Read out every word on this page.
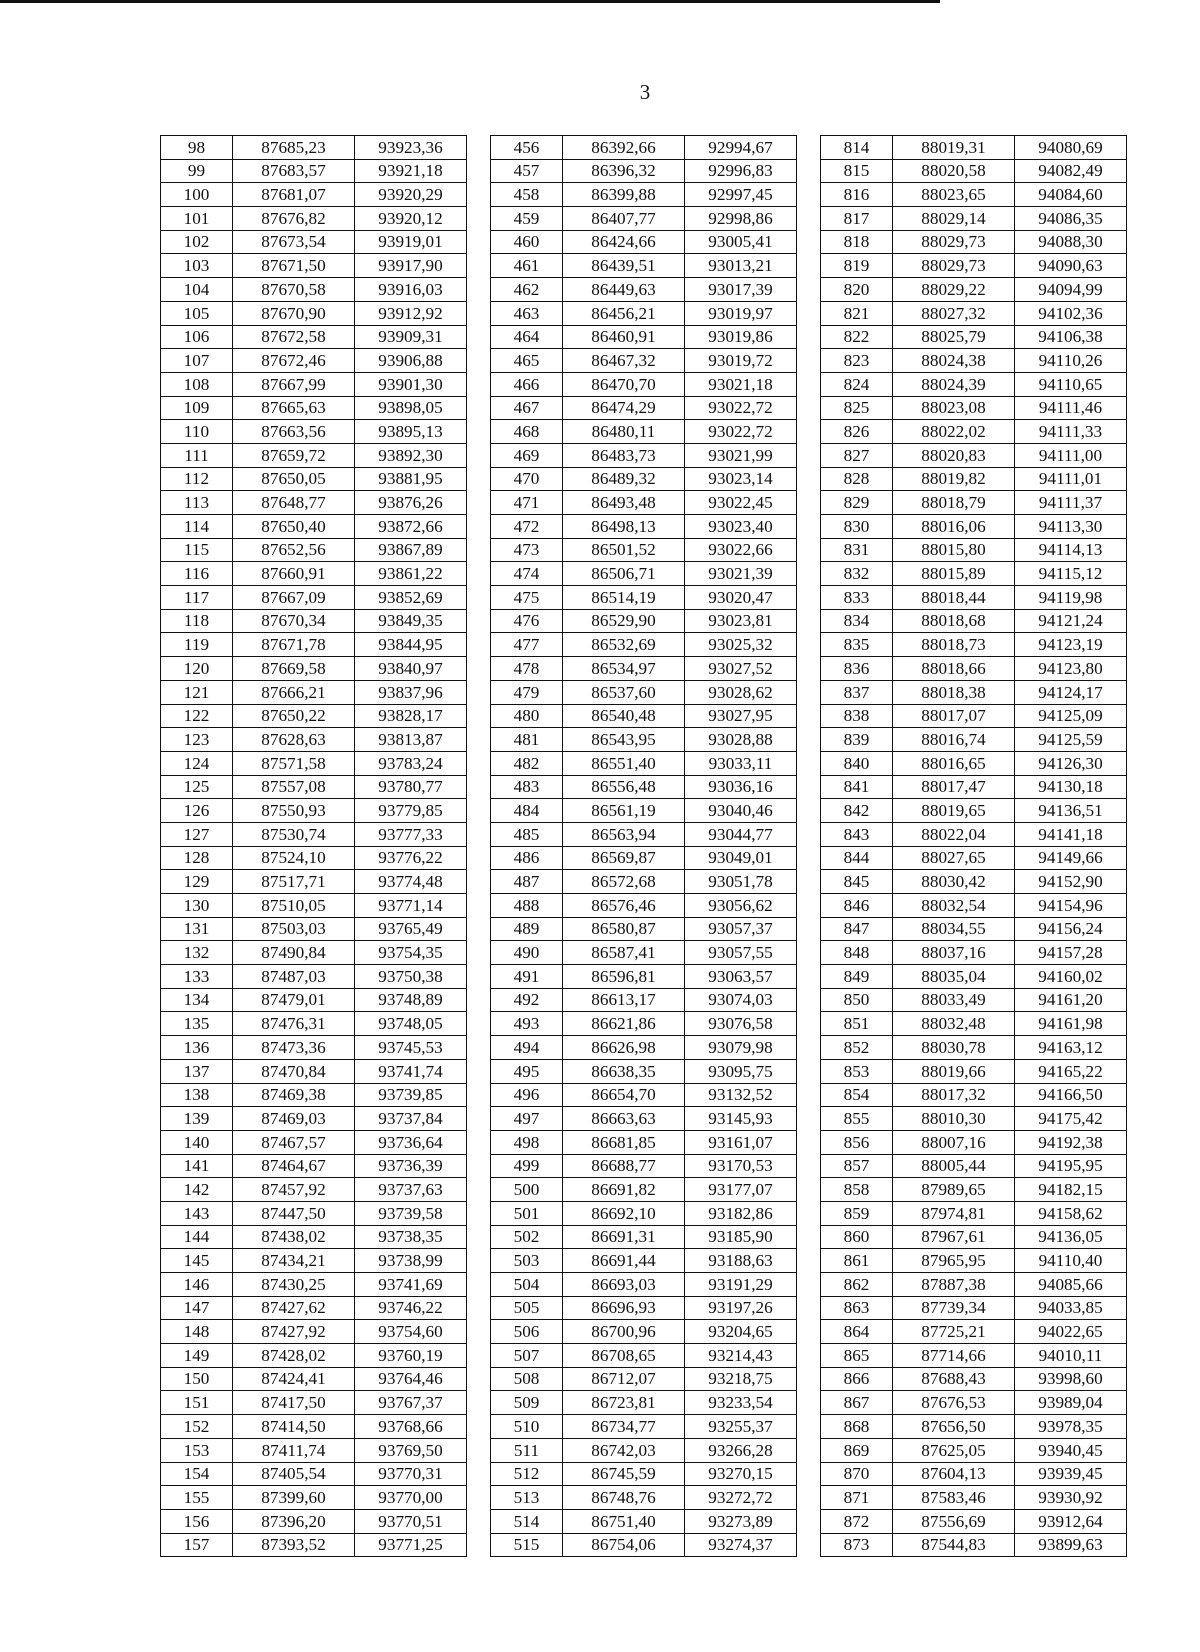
3
98	87685,23	93923,36		456	86392,66	92994,67		814	88019,31	94080,69
99	87683,57	93921,18		457	86396,32	92996,83		815	88020,58	94082,49
100	87681,07	93920,29		458	86399,88	92997,45		816	88023,65	94084,60
101	87676,82	93920,12		459	86407,77	92998,86		817	88029,14	94086,35
102	87673,54	93919,01		460	86424,66	93005,41		818	88029,73	94088,30
103	87671,50	93917,90		461	86439,51	93013,21		819	88029,73	94090,63
104	87670,58	93916,03		462	86449,63	93017,39		820	88029,22	94094,99
105	87670,90	93912,92		463	86456,21	93019,97		821	88027,32	94102,36
106	87672,58	93909,31		464	86460,91	93019,86		822	88025,79	94106,38
107	87672,46	93906,88		465	86467,32	93019,72		823	88024,38	94110,26
108	87667,99	93901,30		466	86470,70	93021,18		824	88024,39	94110,65
109	87665,63	93898,05		467	86474,29	93022,72		825	88023,08	94111,46
110	87663,56	93895,13		468	86480,11	93022,72		826	88022,02	94111,33
111	87659,72	93892,30		469	86483,73	93021,99		827	88020,83	94111,00
112	87650,05	93881,95		470	86489,32	93023,14		828	88019,82	94111,01
113	87648,77	93876,26		471	86493,48	93022,45		829	88018,79	94111,37
114	87650,40	93872,66		472	86498,13	93023,40		830	88016,06	94113,30
115	87652,56	93867,89		473	86501,52	93022,66		831	88015,80	94114,13
116	87660,91	93861,22		474	86506,71	93021,39		832	88015,89	94115,12
117	87667,09	93852,69		475	86514,19	93020,47		833	88018,44	94119,98
118	87670,34	93849,35		476	86529,90	93023,81		834	88018,68	94121,24
119	87671,78	93844,95		477	86532,69	93025,32		835	88018,73	94123,19
120	87669,58	93840,97		478	86534,97	93027,52		836	88018,66	94123,80
121	87666,21	93837,96		479	86537,60	93028,62		837	88018,38	94124,17
122	87650,22	93828,17		480	86540,48	93027,95		838	88017,07	94125,09
123	87628,63	93813,87		481	86543,95	93028,88		839	88016,74	94125,59
124	87571,58	93783,24		482	86551,40	93033,11		840	88016,65	94126,30
125	87557,08	93780,77		483	86556,48	93036,16		841	88017,47	94130,18
126	87550,93	93779,85		484	86561,19	93040,46		842	88019,65	94136,51
127	87530,74	93777,33		485	86563,94	93044,77		843	88022,04	94141,18
128	87524,10	93776,22		486	86569,87	93049,01		844	88027,65	94149,66
129	87517,71	93774,48		487	86572,68	93051,78		845	88030,42	94152,90
130	87510,05	93771,14		488	86576,46	93056,62		846	88032,54	94154,96
131	87503,03	93765,49		489	86580,87	93057,37		847	88034,55	94156,24
132	87490,84	93754,35		490	86587,41	93057,55		848	88037,16	94157,28
133	87487,03	93750,38		491	86596,81	93063,57		849	88035,04	94160,02
134	87479,01	93748,89		492	86613,17	93074,03		850	88033,49	94161,20
135	87476,31	93748,05		493	86621,86	93076,58		851	88032,48	94161,98
136	87473,36	93745,53		494	86626,98	93079,98		852	88030,78	94163,12
137	87470,84	93741,74		495	86638,35	93095,75		853	88019,66	94165,22
138	87469,38	93739,85		496	86654,70	93132,52		854	88017,32	94166,50
139	87469,03	93737,84		497	86663,63	93145,93		855	88010,30	94175,42
140	87467,57	93736,64		498	86681,85	93161,07		856	88007,16	94192,38
141	87464,67	93736,39		499	86688,77	93170,53		857	88005,44	94195,95
142	87457,92	93737,63		500	86691,82	93177,07		858	87989,65	94182,15
143	87447,50	93739,58		501	86692,10	93182,86		859	87974,81	94158,62
144	87438,02	93738,35		502	86691,31	93185,90		860	87967,61	94136,05
145	87434,21	93738,99		503	86691,44	93188,63		861	87965,95	94110,40
146	87430,25	93741,69		504	86693,03	93191,29		862	87887,38	94085,66
147	87427,62	93746,22		505	86696,93	93197,26		863	87739,34	94033,85
148	87427,92	93754,60		506	86700,96	93204,65		864	87725,21	94022,65
149	87428,02	93760,19		507	86708,65	93214,43		865	87714,66	94010,11
150	87424,41	93764,46		508	86712,07	93218,75		866	87688,43	93998,60
151	87417,50	93767,37		509	86723,81	93233,54		867	87676,53	93989,04
152	87414,50	93768,66		510	86734,77	93255,37		868	87656,50	93978,35
153	87411,74	93769,50		511	86742,03	93266,28		869	87625,05	93940,45
154	87405,54	93770,31		512	86745,59	93270,15		870	87604,13	93939,45
155	87399,60	93770,00		513	86748,76	93272,72		871	87583,46	93930,92
156	87396,20	93770,51		514	86751,40	93273,89		872	87556,69	93912,64
157	87393,52	93771,25		515	86754,06	93274,37		873	87544,83	93899,63
